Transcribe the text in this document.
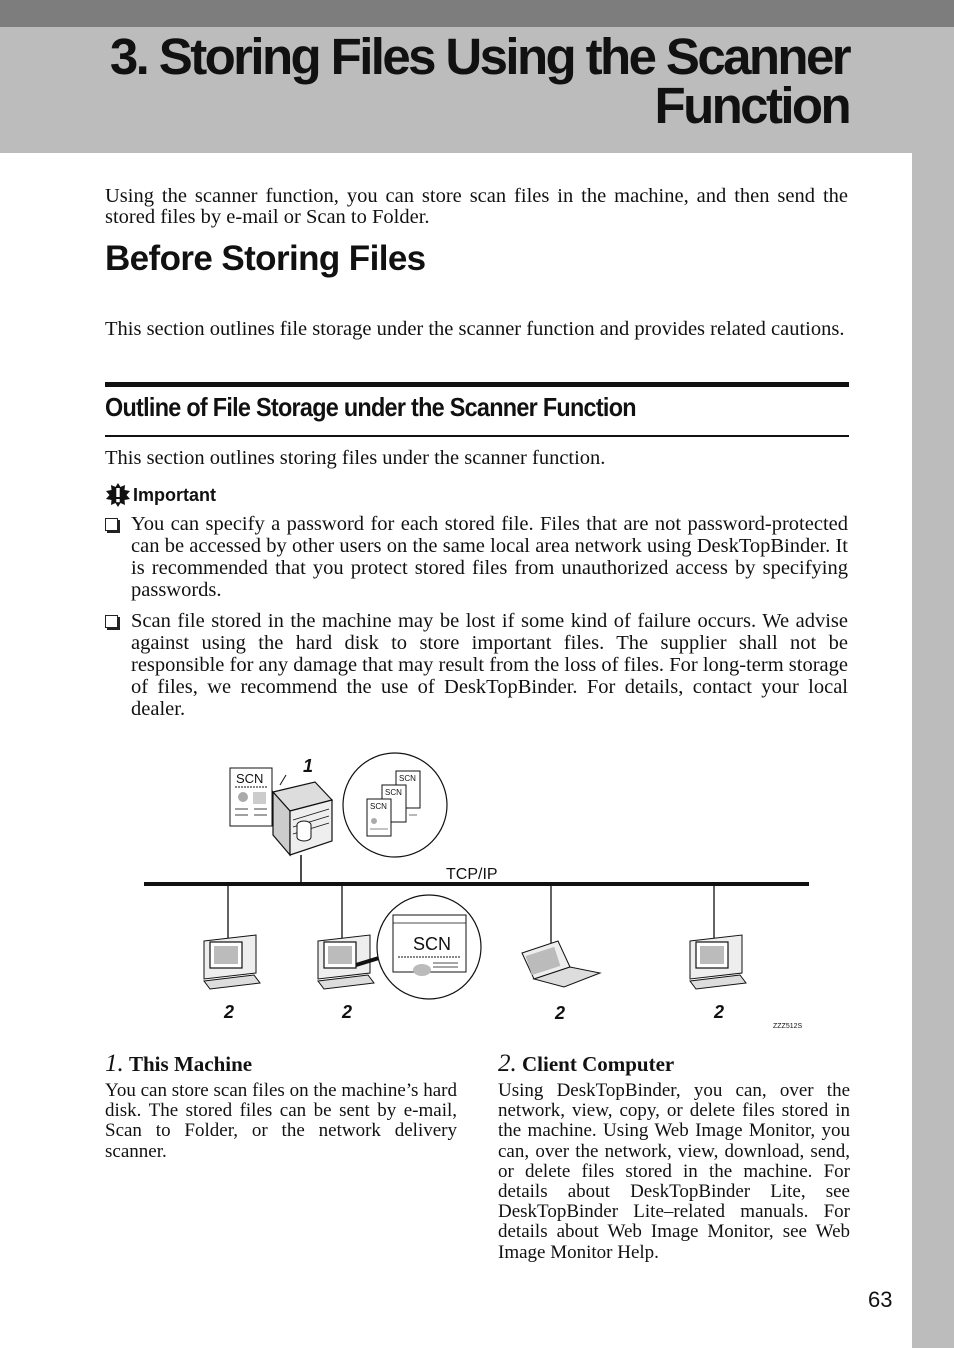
3. Storing Files Using the Scanner Function

Using the scanner function, you can store scan files in the machine, and then send the stored files by e-mail or Scan to Folder.

Before Storing Files

This section outlines file storage under the scanner function and provides related cautions.

Outline of File Storage under the Scanner Function

This section outlines storing files under the scanner function.

Important
You can specify a password for each stored file. Files that are not password-protected can be accessed by other users on the same local area network using DeskTopBinder. It is recommended that you protect stored files from unauthorized access by specifying passwords.
Scan file stored in the machine may be lost if some kind of failure occurs. We advise against using the hard disk to store important files. The supplier shall not be responsible for any damage that may result from the loss of files. For long-term storage of files, we recommend the use of DeskTopBinder. For details, contact your local dealer.
TCP/IP
SCN
1
SCN
SCN
SCN
SCN
2	2	2	2
ZZZ512S

1. This Machine

You can store scan files on the machine’s hard disk. The stored files can be sent by e-mail, Scan to Folder, or the network delivery scanner.

2. Client Computer

Using DeskTopBinder, you can, over the network, view, copy, or delete files stored in the machine. Using Web Image Monitor, you can, over the network, view, download, send, or delete files stored in the machine. For details about DeskTopBinder Lite, see DeskTopBinder Lite–related manuals. For details about Web Image Monitor, see Web Image Monitor Help.

63
